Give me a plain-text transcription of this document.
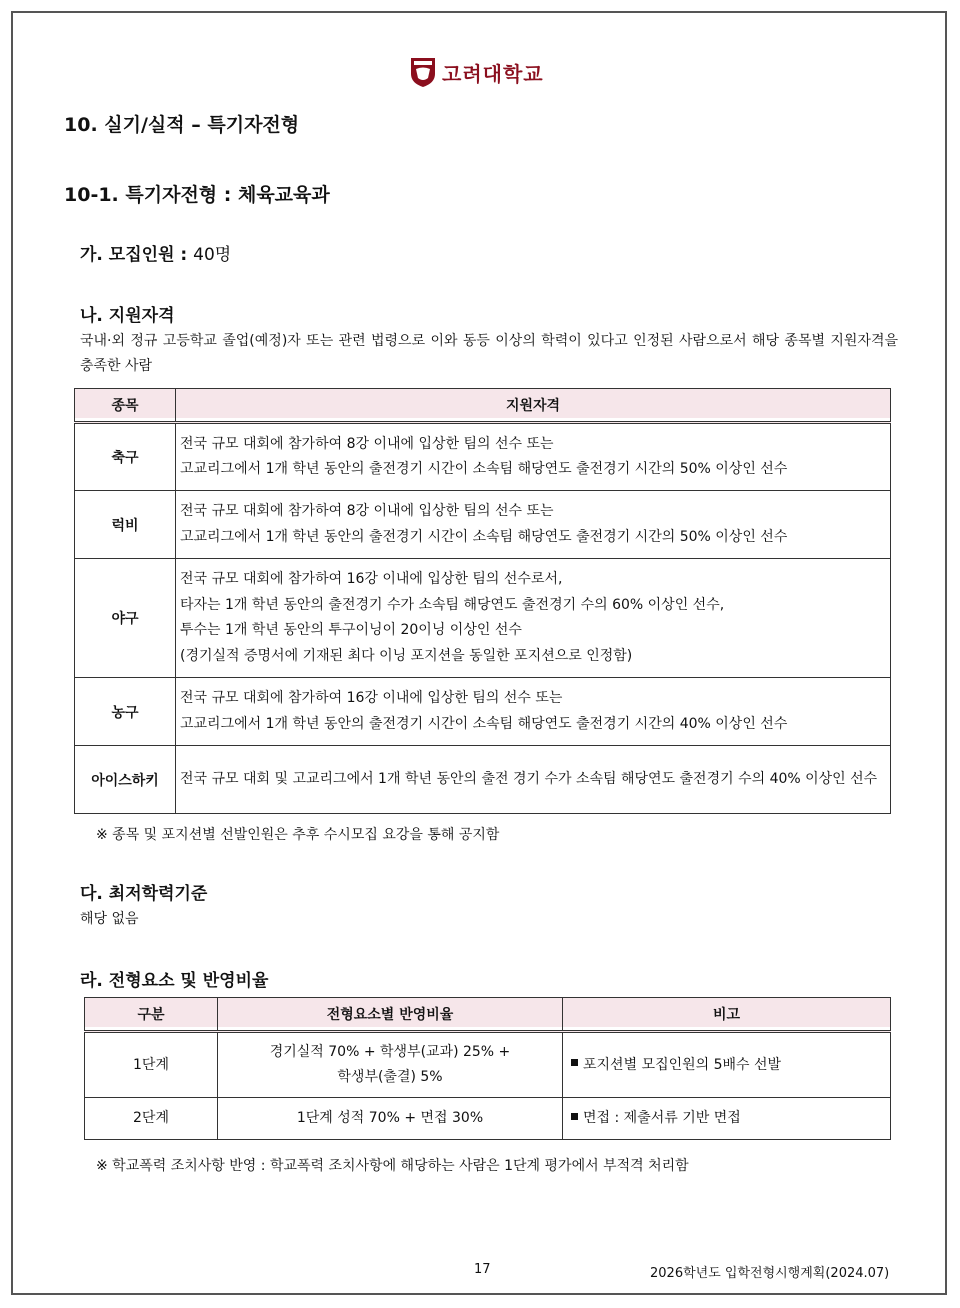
고려대학교
10. 실기/실적 – 특기자전형
10-1. 특기자전형 : 체육교육과
가. 모집인원 : 40명
나. 지원자격
국내·외 정규 고등학교 졸업(예정)자 또는 관련 법령으로 이와 동등 이상의 학력이 있다고 인정된 사람으로서 해당 종목별 지원자격을 충족한 사람
종목	지원자격
축구	전국 규모 대회에 참가하여 8강 이내에 입상한 팀의 선수 또는
고교리그에서 1개 학년 동안의 출전경기 시간이 소속팀 해당연도 출전경기 시간의 50% 이상인 선수

럭비	전국 규모 대회에 참가하여 8강 이내에 입상한 팀의 선수 또는
고교리그에서 1개 학년 동안의 출전경기 시간이 소속팀 해당연도 출전경기 시간의 50% 이상인 선수

야구	전국 규모 대회에 참가하여 16강 이내에 입상한 팀의 선수로서,
타자는 1개 학년 동안의 출전경기 수가 소속팀 해당연도 출전경기 수의 60% 이상인 선수,
투수는 1개 학년 동안의 투구이닝이 20이닝 이상인 선수
(경기실적 증명서에 기재된 최다 이닝 포지션을 동일한 포지션으로 인정함)

농구	전국 규모 대회에 참가하여 16강 이내에 입상한 팀의 선수 또는
고교리그에서 1개 학년 동안의 출전경기 시간이 소속팀 해당연도 출전경기 시간의 40% 이상인 선수

아이스하키	전국 규모 대회 및 고교리그에서 1개 학년 동안의 출전 경기 수가 소속팀 해당연도 출전경기 수의 40% 이상인 선수
※ 종목 및 포지션별 선발인원은 추후 수시모집 요강을 통해 공지함
다. 최저학력기준
해당 없음
라. 전형요소 및 반영비율
구분	전형요소별 반영비율	비고
1단계	경기실적 70% + 학생부(교과) 25% +
학생부(출결) 5%	포지션별 모집인원의 5배수 선발
2단계	1단계 성적 70% + 면접 30%	면접 : 제출서류 기반 면접
※ 학교폭력 조치사항 반영 : 학교폭력 조치사항에 해당하는 사람은 1단계 평가에서 부적격 처리함
17	2026학년도 입학전형시행계획(2024.07)
